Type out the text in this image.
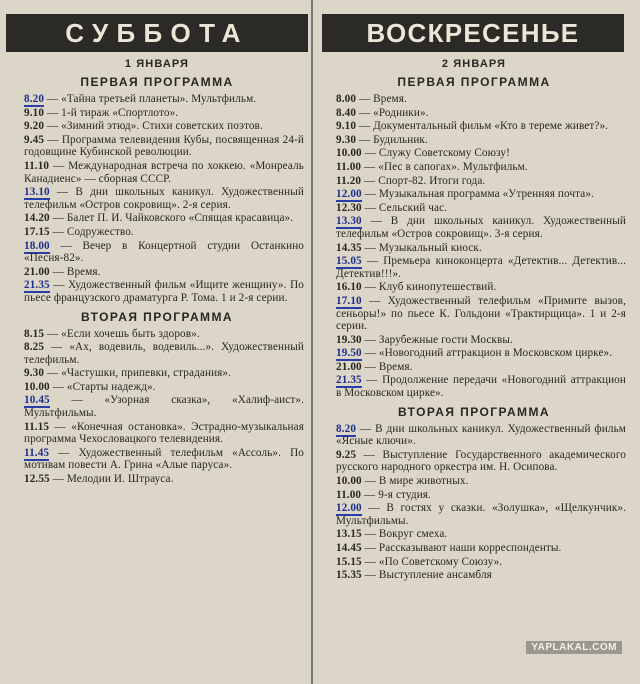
СУББОТА
1 ЯНВАРЯ
ПЕРВАЯ ПРОГРАММА
8.20 — «Тайна третьей планеты». Мультфильм.
9.10 — 1-й тираж «Спортлото».
9.20 — «Зимний этюд». Стихи советских поэтов.
9.45 — Программа телевидения Кубы, посвященная 24-й годовщине Кубинской революции.
11.10 — Международная встреча по хоккею. «Монреаль Канадиенс» — сборная СССР.
13.10 — В дни школьных каникул. Художественный телефильм «Остров сокровищ». 2-я серия.
14.20 — Балет П. И. Чайковского «Спящая красавица».
17.15 — Содружество.
18.00 — Вечер в Концертной студии Останкино «Песня-82».
21.00 — Время.
21.35 — Художественный фильм «Ищите женщину». По пьесе французского драматурга Р. Тома. 1 и 2-я серии.
ВТОРАЯ ПРОГРАММА
8.15 — «Если хочешь быть здоров».
8.25 — «Ах, водевиль, водевиль...». Художественный телефильм.
9.30 — «Частушки, припевки, страдания».
10.00 — «Старты надежд».
10.45 — «Узорная сказка», «Халиф-аист». Мультфильмы.
11.15 — «Конечная остановка». Эстрадно-музыкальная программа Чехословацкого телевидения.
11.45 — Художественный телефильм «Ассоль». По мотивам повести А. Грина «Алые паруса».
12.55 — Мелодии И. Штрауса.
ВОСКРЕСЕНЬЕ
2 ЯНВАРЯ
ПЕРВАЯ ПРОГРАММА
8.00 — Время.
8.40 — «Родники».
9.10 — Документальный фильм «Кто в тереме живет?».
9.30 — Будильник.
10.00 — Служу Советскому Союзу!
11.00 — «Пес в сапогах». Мультфильм.
11.20 — Спорт-82. Итоги года.
12.00 — Музыкальная программа «Утренняя почта».
12.30 — Сельский час.
13.30 — В дни школьных каникул. Художественный телефильм «Остров сокровищ». 3-я серия.
14.35 — Музыкальный киоск.
15.05 — Премьера киноконцерта «Детектив... Детектив... Детектив!!!».
16.10 — Клуб кинопутешествий.
17.10 — Художественный телефильм «Примите вызов, сеньоры!» по пьесе К. Гольдони «Трактирщица». 1 и 2-я серии.
19.30 — Зарубежные гости Москвы.
19.50 — «Новогодний аттракцион в Московском цирке».
21.00 — Время.
21.35 — Продолжение передачи «Новогодний аттракцион в Московском цирке».
ВТОРАЯ ПРОГРАММА
8.20 — В дни школьных каникул. Художественный фильм «Ясные ключи».
9.25 — Выступление Государственного академического русского народного оркестра им. Н. Осипова.
10.00 — В мире животных.
11.00 — 9-я студия.
12.00 — В гостях у сказки. «Золушка», «Щелкунчик». Мультфильмы.
13.15 — Вокруг смеха.
14.45 — Рассказывают наши корреспонденты.
15.15 — «По Советскому Союзу».
15.35 — Выступление ансамбля
YAPLAKAL.COM
